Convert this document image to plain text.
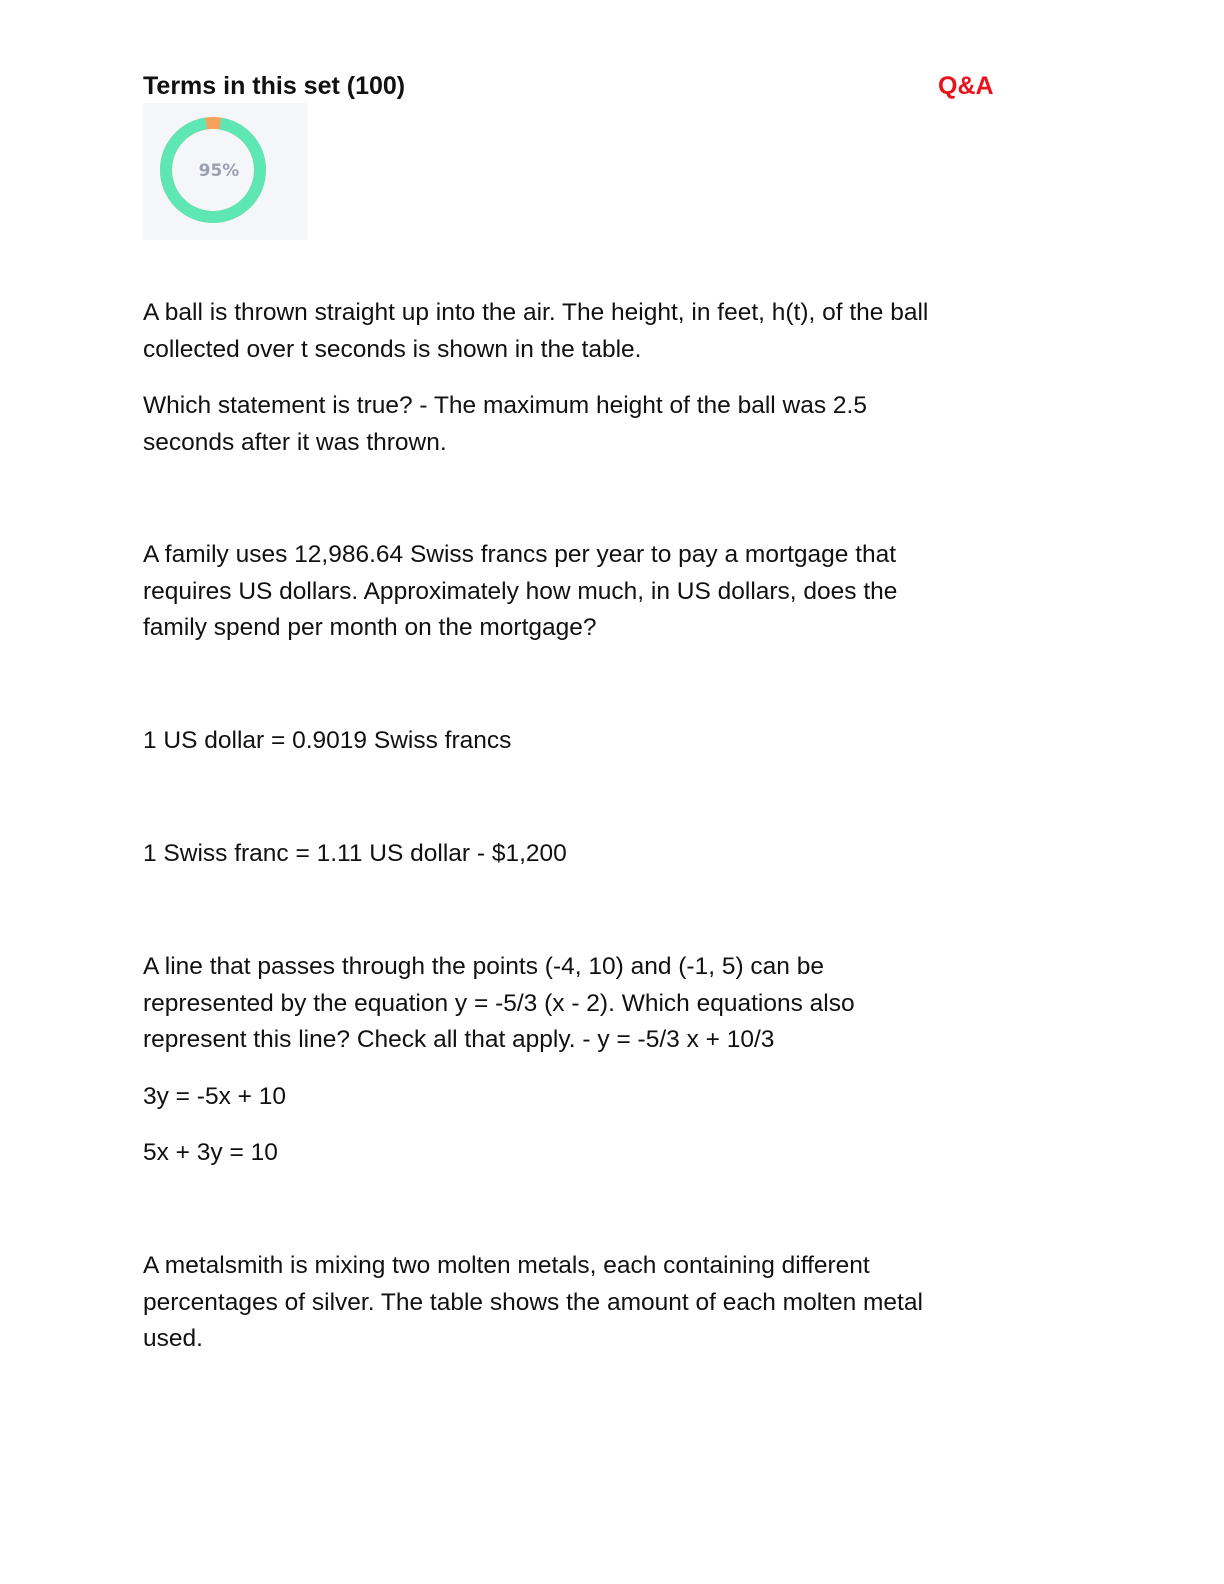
Terms in this set (100)	Q&A
95%

A ball is thrown straight up into the air. The height, in feet, h(t), of the ball
collected over t seconds is shown in the table.

Which statement is true? - The maximum height of the ball was 2.5
seconds after it was thrown.

A family uses 12,986.64 Swiss francs per year to pay a mortgage that
requires US dollars. Approximately how much, in US dollars, does the
family spend per month on the mortgage?

1 US dollar = 0.9019 Swiss francs

1 Swiss franc = 1.11 US dollar - $1,200

A line that passes through the points (-4, 10) and (-1, 5) can be
represented by the equation y = -5/3 (x - 2). Which equations also
represent this line? Check all that apply. - y = -5/3 x + 10/3

3y = -5x + 10

5x + 3y = 10

A metalsmith is mixing two molten metals, each containing different
percentages of silver. The table shows the amount of each molten metal
used.
